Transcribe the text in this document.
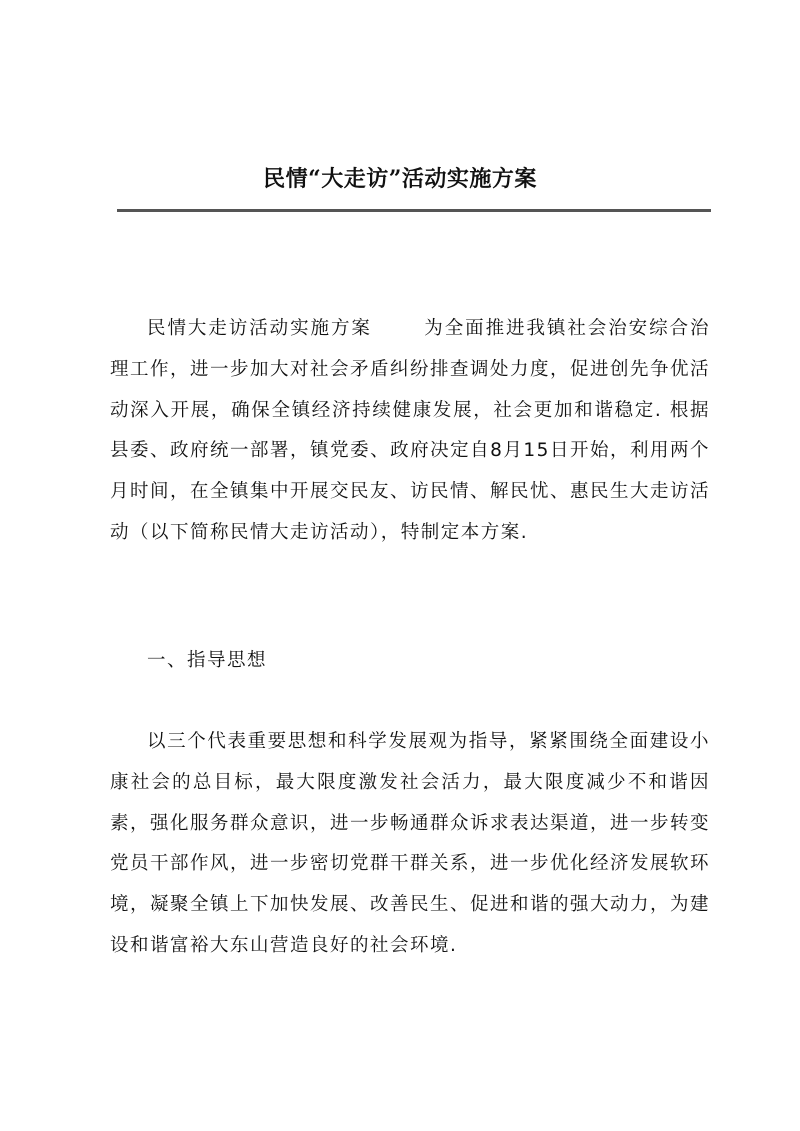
民情“大走访”活动实施方案

民情大走访活动实施方案	为全面推进我镇社会治安综合治理工作，进一步加大对社会矛盾纠纷排查调处力度，促进创先争优活动深入开展，确保全镇经济持续健康发展，社会更加和谐稳定. 根据县委、政府统一部署，镇党委、政府决定自8月15日开始，利用两个月时间，在全镇集中开展交民友、访民情、解民忧、惠民生大走访活动（以下简称民情大走访活动），特制定本方案.

一、指导思想

以三个代表重要思想和科学发展观为指导，紧紧围绕全面建设小康社会的总目标，最大限度激发社会活力，最大限度减少不和谐因素，强化服务群众意识，进一步畅通群众诉求表达渠道，进一步转变党员干部作风，进一步密切党群干群关系，进一步优化经济发展软环境，凝聚全镇上下加快发展、改善民生、促进和谐的强大动力，为建设和谐富裕大东山营造良好的社会环境.
